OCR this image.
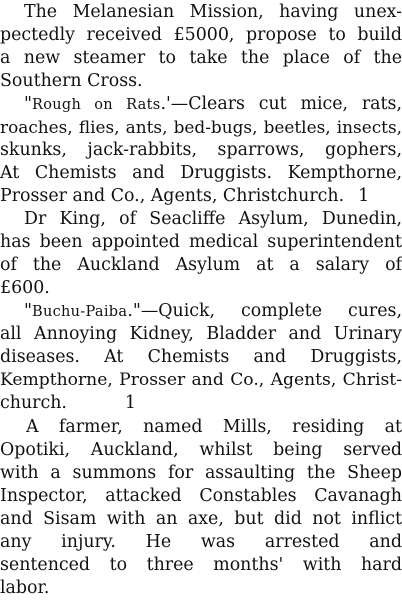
The Melanesian Mission, having unex-
pectedly received £5000, propose to build
a new steamer to take the place of the
Southern Cross.
"Rough on Rats.'—Clears cut mice, rats,
roaches, flies, ants, bed-bugs, beetles, insects,
skunks, jack-rabbits, sparrows, gophers,
At Chemists and Druggists. Kempthorne,
Prosser and Co., Agents, Christchurch. 1
Dr King, of Seacliffe Asylum, Dunedin,
has been appointed medical superintendent
of the Auckland Asylum at a salary of
£600.
"Buchu-Paiba."—Quick, complete cures,
all Annoying Kidney, Bladder and Urinary
diseases. At Chemists and Druggists,
Kempthorne, Prosser and Co., Agents, Christ-
church.	1
A farmer, named Mills, residing at
Opotiki, Auckland, whilst being served
with a summons for assaulting the Sheep
Inspector, attacked Constables Cavanagh
and Sisam with an axe, but did not inflict
any injury. He was arrested and
sentenced to three months' with hard
labor.
